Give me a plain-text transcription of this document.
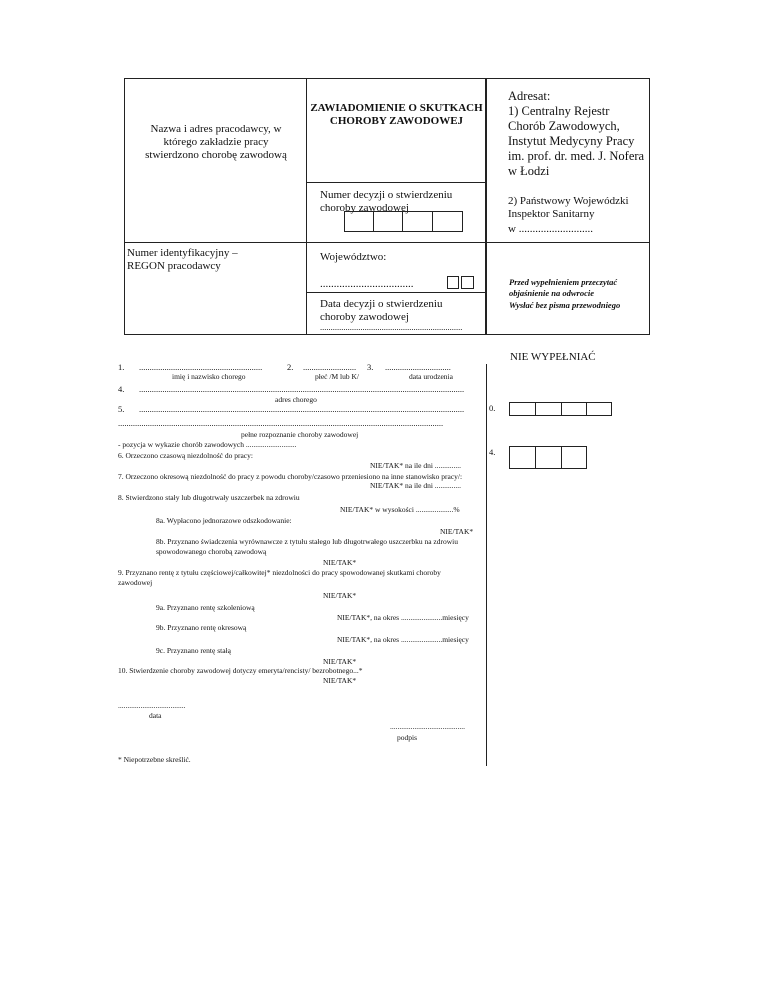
Nazwa i adres pracodawcy, w którego zakładzie pracy stwierdzono chorobę zawodową
ZAWIADOMIENIE O SKUTKACH CHOROBY ZAWODOWEJ
Numer decyzji o stwierdzeniu choroby zawodowej
Adresat:
1) Centralny Rejestr Chorób Zawodowych, Instytut Medycyny Pracy im. prof. dr. med. J. Nofera w Łodzi
2) Państwowy Wojewódzki Inspektor Sanitarny
w ...........................
Numer identyfikacyjny – REGON pracodawcy
Województwo:
..................................
Data decyzji o stwierdzeniu choroby zawodowej
...................................................................
Przed wypełnieniem przeczytać objaśnienie na odwrocie
Wysłać bez pisma przewodniego
NIE WYPEŁNIAĆ
0.
4.
1. ..........................................................
imię i nazwisko chorego
2. .........................
płeć /M lub K/
3. ...............................
data urodzenia
4. .........................................................................................................................................................
adres chorego
5. .........................................................................................................................................................
.........................................................................................................................................................
pełne rozpoznanie choroby zawodowej
- pozycja w wykazie chorób zawodowych ...........................
6. Orzeczono czasową niezdolność do pracy:
NIE/TAK* na ile dni ..............
7. Orzeczono okresową niezdolność do pracy z powodu choroby/czasowo przeniesiono na inne stanowisko pracy/:
NIE/TAK* na ile dni ..............
8. Stwierdzono stały lub długotrwały uszczerbek na zdrowiu
NIE/TAK* w wysokości ....................%
8a. Wypłacono jednorazowe odszkodowanie:
NIE/TAK*
8b. Przyznano świadczenia wyrównawcze z tytułu stałego lub długotrwałego uszczerbku na zdrowiu spowodowanego chorobą zawodową
NIE/TAK*
9. Przyznano rentę z tytułu częściowej/całkowitej* niezdolności do pracy spowodowanej skutkami choroby zawodowej
NIE/TAK*
9a. Przyznano rentę szkoleniową
NIE/TAK*, na okres ......................miesięcy
9b. Przyznano rentę okresową
NIE/TAK*, na okres ......................miesięcy
9c. Przyznano rentę stałą
NIE/TAK*
10. Stwierdzenie choroby zawodowej dotyczy emeryta/rencisty/ bezrobotnego...*
NIE/TAK*
....................................
data
........................................
podpis
* Niepotrzebne skreślić.
